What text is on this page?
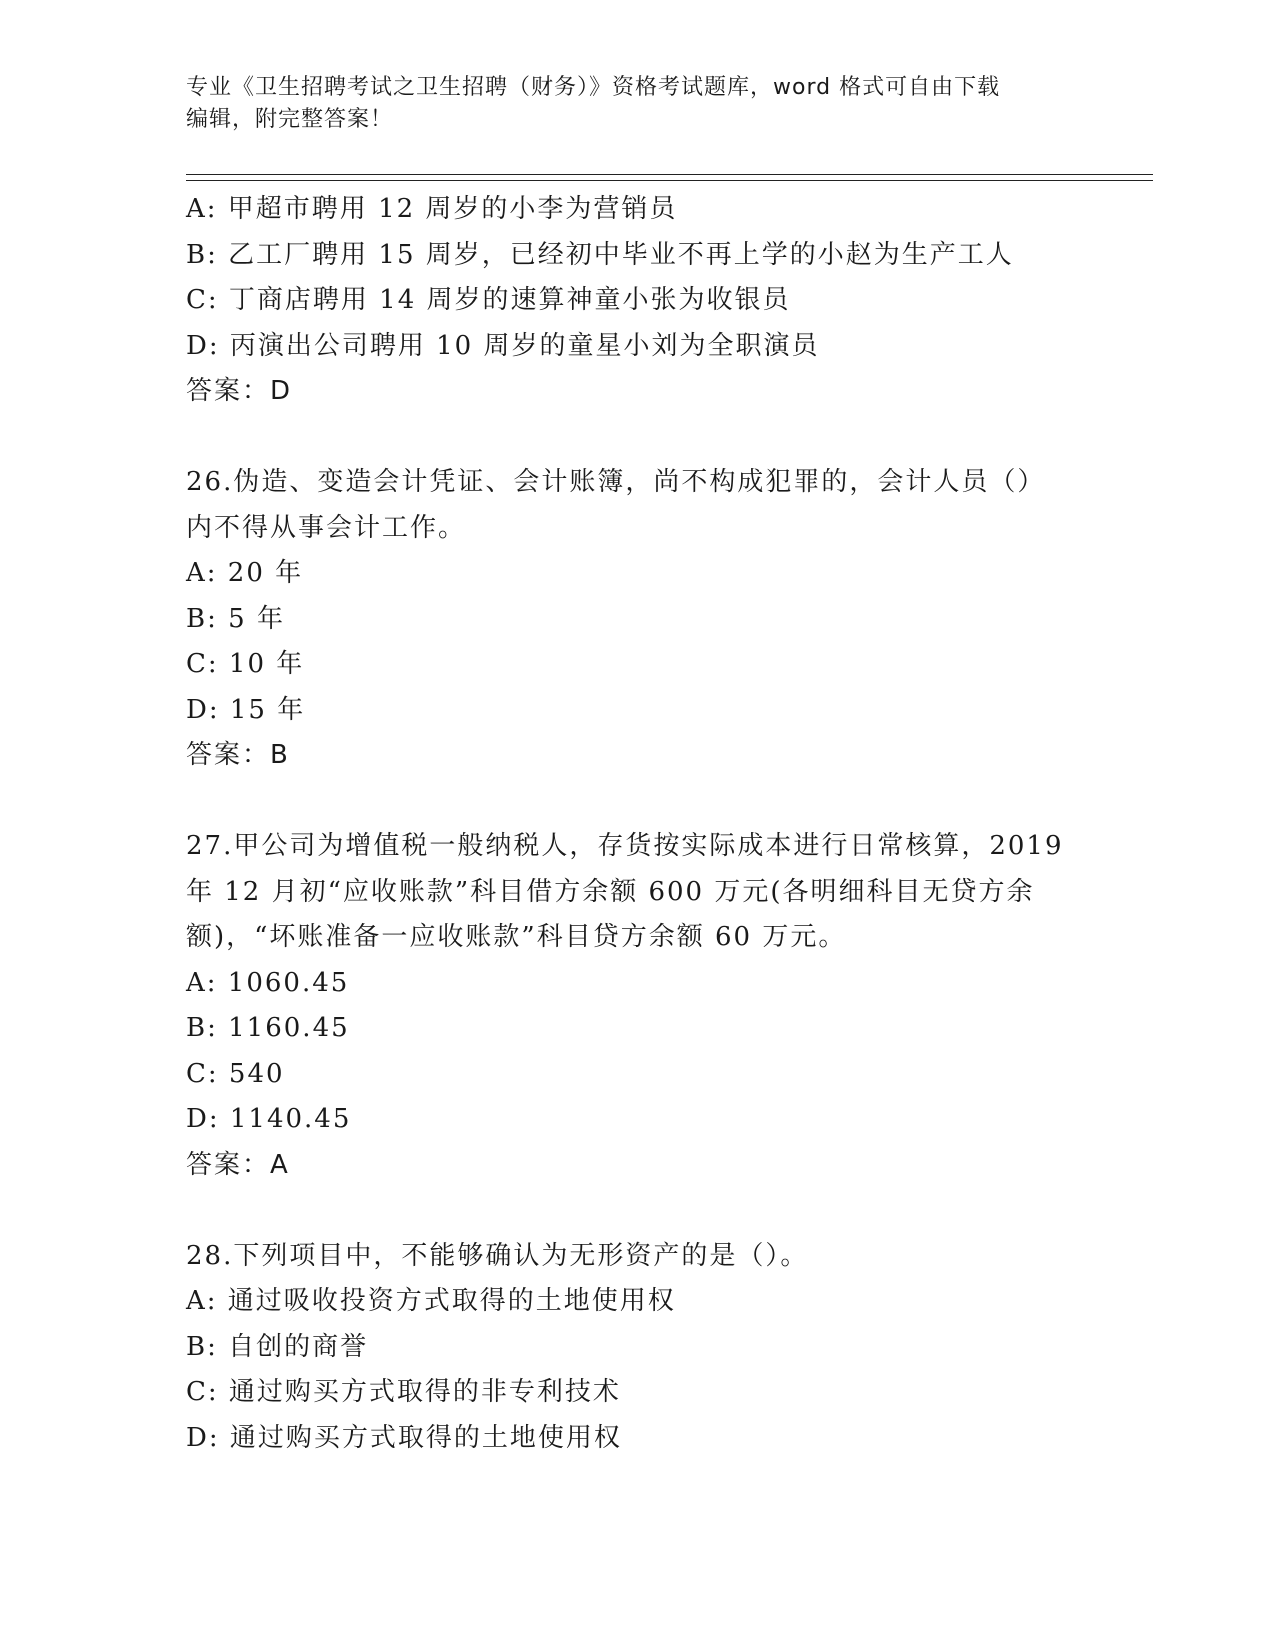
专业《卫生招聘考试之卫生招聘（财务）》资格考试题库，word 格式可自由下载
编辑，附完整答案！
A: 甲超市聘用 12 周岁的小李为营销员
B: 乙工厂聘用 15 周岁，已经初中毕业不再上学的小赵为生产工人
C: 丁商店聘用 14 周岁的速算神童小张为收银员
D: 丙演出公司聘用 10 周岁的童星小刘为全职演员
答案：D
26.伪造、变造会计凭证、会计账簿，尚不构成犯罪的，会计人员（）
内不得从事会计工作。
A: 20 年
B: 5 年
C: 10 年
D: 15 年
答案：B
27.甲公司为增值税一般纳税人，存货按实际成本进行日常核算，2019
年 12 月初“应收账款”科目借方余额 600 万元(各明细科目无贷方余
额)，“坏账准备一应收账款”科目贷方余额 60 万元。
A: 1060.45
B: 1160.45
C: 540
D: 1140.45
答案：A
28.下列项目中，不能够确认为无形资产的是（）。
A: 通过吸收投资方式取得的土地使用权
B: 自创的商誉
C: 通过购买方式取得的非专利技术
D: 通过购买方式取得的土地使用权
